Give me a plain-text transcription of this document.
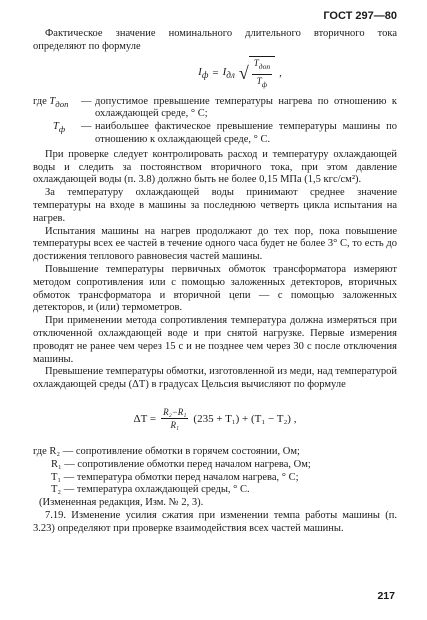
ГОСТ 297—80

Фактическое значение номинального длительного вторичного тока определяют по формуле

$I_ф = I_{дл}$ √ $\frac{T_{доп}}{T_ф}$ ,
где $T_{доп}$	— допустимое превышение температуры нагрева по отношению к охлаждающей среде, ° С;
$T_ф$	— наибольшее фактическое превышение температуры машины по отношению к охлаждающей среде, ° С.

При проверке следует контролировать расход и температуру охлаждающей воды и следить за постоянством вторичного тока, при этом давление охлаждающей воды (п. 3.8) должно быть не более 0,15 МПа (1,5 кгс/см²).

За температуру охлаждающей воды принимают среднее значение температуры на входе в машины за последнюю четверть цикла испытания на нагрев.

Испытания машины на нагрев продолжают до тех пор, пока повышение температуры всех ее частей в течение одного часа будет не более 3° С, то есть до достижения теплового равновесия частей машины.

Повышение температуры первичных обмоток трансформатора измеряют методом сопротивления или с помощью заложенных детекторов, вторичных обмоток трансформатора и вторичной цепи — с помощью заложенных детекторов, и (или) термометров.

При применении метода сопротивления температура должна измеряться при отключенной охлаждающей воде и при снятой нагрузке. Первые измерения проводят не ранее чем через 15 с и не позднее чем через 30 с после отключения машины.

Превышение температуры обмотки, изготовленной из меди, над температурой охлаждающей среды (ΔT) в градусах Цельсия вычисляют по формуле

$\Delta T = \frac{\text{R₂−R₁}}{\text{R₁}} (235 + T_1) + (T_1 - T_2)$ ,

где R₂ — сопротивление обмотки в горячем состоянии, Ом;

R₁ — сопротивление обмотки перед началом нагрева, Ом;

T₁ — температура обмотки перед началом нагрева, ° С;

T₂ — температура охлаждающей среды, ° С.

(Измененная редакция, Изм. № 2, 3).

7.19. Изменение усилия сжатия при изменении темпа работы машины (п. 3.23) определяют при проверке взаимодействия всех частей машины.

217
